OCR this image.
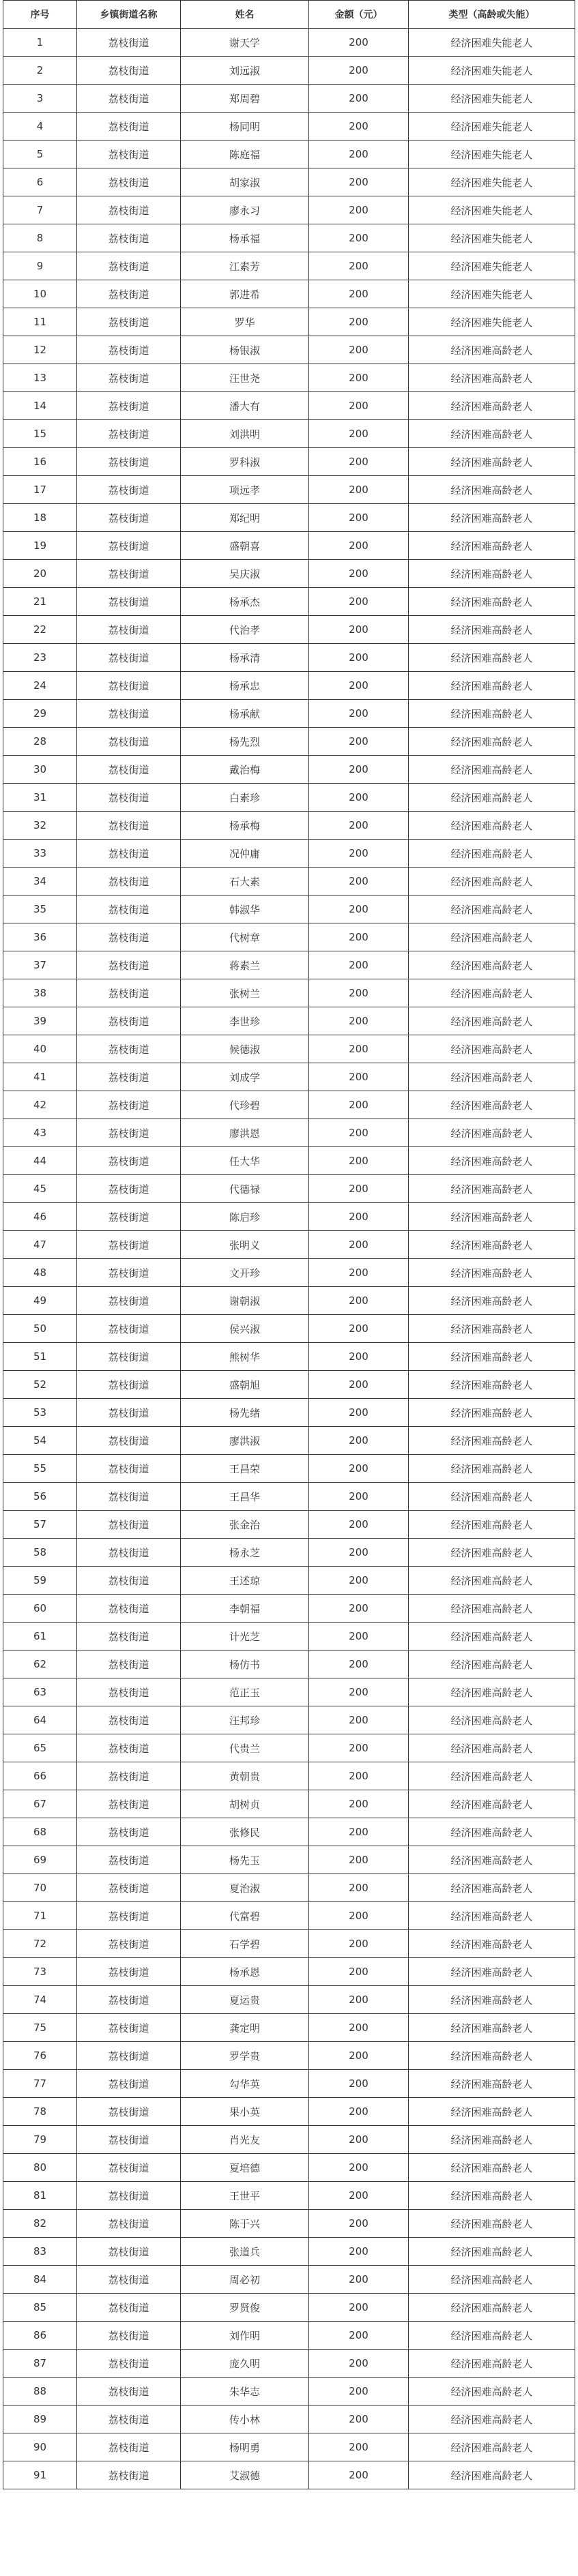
序号	乡镇街道名称	姓名	金额（元）	类型（高龄或失能）
1	荔枝街道	谢天学	200	经济困难失能老人
2	荔枝街道	刘远淑	200	经济困难失能老人
3	荔枝街道	郑周碧	200	经济困难失能老人
4	荔枝街道	杨同明	200	经济困难失能老人
5	荔枝街道	陈庭福	200	经济困难失能老人
6	荔枝街道	胡家淑	200	经济困难失能老人
7	荔枝街道	廖永习	200	经济困难失能老人
8	荔枝街道	杨承福	200	经济困难失能老人
9	荔枝街道	江素芳	200	经济困难失能老人
10	荔枝街道	郭进希	200	经济困难失能老人
11	荔枝街道	罗华	200	经济困难失能老人
12	荔枝街道	杨银淑	200	经济困难高龄老人
13	荔枝街道	汪世尧	200	经济困难高龄老人
14	荔枝街道	潘大有	200	经济困难高龄老人
15	荔枝街道	刘洪明	200	经济困难高龄老人
16	荔枝街道	罗科淑	200	经济困难高龄老人
17	荔枝街道	项远孝	200	经济困难高龄老人
18	荔枝街道	郑纪明	200	经济困难高龄老人
19	荔枝街道	盛朝喜	200	经济困难高龄老人
20	荔枝街道	吴庆淑	200	经济困难高龄老人
21	荔枝街道	杨承杰	200	经济困难高龄老人
22	荔枝街道	代治孝	200	经济困难高龄老人
23	荔枝街道	杨承清	200	经济困难高龄老人
24	荔枝街道	杨承忠	200	经济困难高龄老人
29	荔枝街道	杨承献	200	经济困难高龄老人
28	荔枝街道	杨先烈	200	经济困难高龄老人
30	荔枝街道	戴治梅	200	经济困难高龄老人
31	荔枝街道	白素珍	200	经济困难高龄老人
32	荔枝街道	杨承梅	200	经济困难高龄老人
33	荔枝街道	况仲庸	200	经济困难高龄老人
34	荔枝街道	石大素	200	经济困难高龄老人
35	荔枝街道	韩淑华	200	经济困难高龄老人
36	荔枝街道	代树章	200	经济困难高龄老人
37	荔枝街道	蒋素兰	200	经济困难高龄老人
38	荔枝街道	张树兰	200	经济困难高龄老人
39	荔枝街道	李世珍	200	经济困难高龄老人
40	荔枝街道	候德淑	200	经济困难高龄老人
41	荔枝街道	刘成学	200	经济困难高龄老人
42	荔枝街道	代珍碧	200	经济困难高龄老人
43	荔枝街道	廖洪恩	200	经济困难高龄老人
44	荔枝街道	任大华	200	经济困难高龄老人
45	荔枝街道	代德禄	200	经济困难高龄老人
46	荔枝街道	陈启珍	200	经济困难高龄老人
47	荔枝街道	张明义	200	经济困难高龄老人
48	荔枝街道	文开珍	200	经济困难高龄老人
49	荔枝街道	谢朝淑	200	经济困难高龄老人
50	荔枝街道	侯兴淑	200	经济困难高龄老人
51	荔枝街道	熊树华	200	经济困难高龄老人
52	荔枝街道	盛朝旭	200	经济困难高龄老人
53	荔枝街道	杨先绪	200	经济困难高龄老人
54	荔枝街道	廖洪淑	200	经济困难高龄老人
55	荔枝街道	王昌荣	200	经济困难高龄老人
56	荔枝街道	王昌华	200	经济困难高龄老人
57	荔枝街道	张金治	200	经济困难高龄老人
58	荔枝街道	杨永芝	200	经济困难高龄老人
59	荔枝街道	王述琼	200	经济困难高龄老人
60	荔枝街道	李朝福	200	经济困难高龄老人
61	荔枝街道	计光芝	200	经济困难高龄老人
62	荔枝街道	杨仿书	200	经济困难高龄老人
63	荔枝街道	范正玉	200	经济困难高龄老人
64	荔枝街道	汪邦珍	200	经济困难高龄老人
65	荔枝街道	代贵兰	200	经济困难高龄老人
66	荔枝街道	黄朝贵	200	经济困难高龄老人
67	荔枝街道	胡树贞	200	经济困难高龄老人
68	荔枝街道	张修民	200	经济困难高龄老人
69	荔枝街道	杨先玉	200	经济困难高龄老人
70	荔枝街道	夏治淑	200	经济困难高龄老人
71	荔枝街道	代富碧	200	经济困难高龄老人
72	荔枝街道	石学碧	200	经济困难高龄老人
73	荔枝街道	杨承恩	200	经济困难高龄老人
74	荔枝街道	夏运贵	200	经济困难高龄老人
75	荔枝街道	龚定明	200	经济困难高龄老人
76	荔枝街道	罗学贵	200	经济困难高龄老人
77	荔枝街道	勾华英	200	经济困难高龄老人
78	荔枝街道	果小英	200	经济困难高龄老人
79	荔枝街道	肖光友	200	经济困难高龄老人
80	荔枝街道	夏培德	200	经济困难高龄老人
81	荔枝街道	王世平	200	经济困难高龄老人
82	荔枝街道	陈于兴	200	经济困难高龄老人
83	荔枝街道	张道兵	200	经济困难高龄老人
84	荔枝街道	周必初	200	经济困难高龄老人
85	荔枝街道	罗贤俊	200	经济困难高龄老人
86	荔枝街道	刘作明	200	经济困难高龄老人
87	荔枝街道	庞久明	200	经济困难高龄老人
88	荔枝街道	朱华志	200	经济困难高龄老人
89	荔枝街道	传小林	200	经济困难高龄老人
90	荔枝街道	杨明勇	200	经济困难高龄老人
91	荔枝街道	艾淑德	200	经济困难高龄老人
